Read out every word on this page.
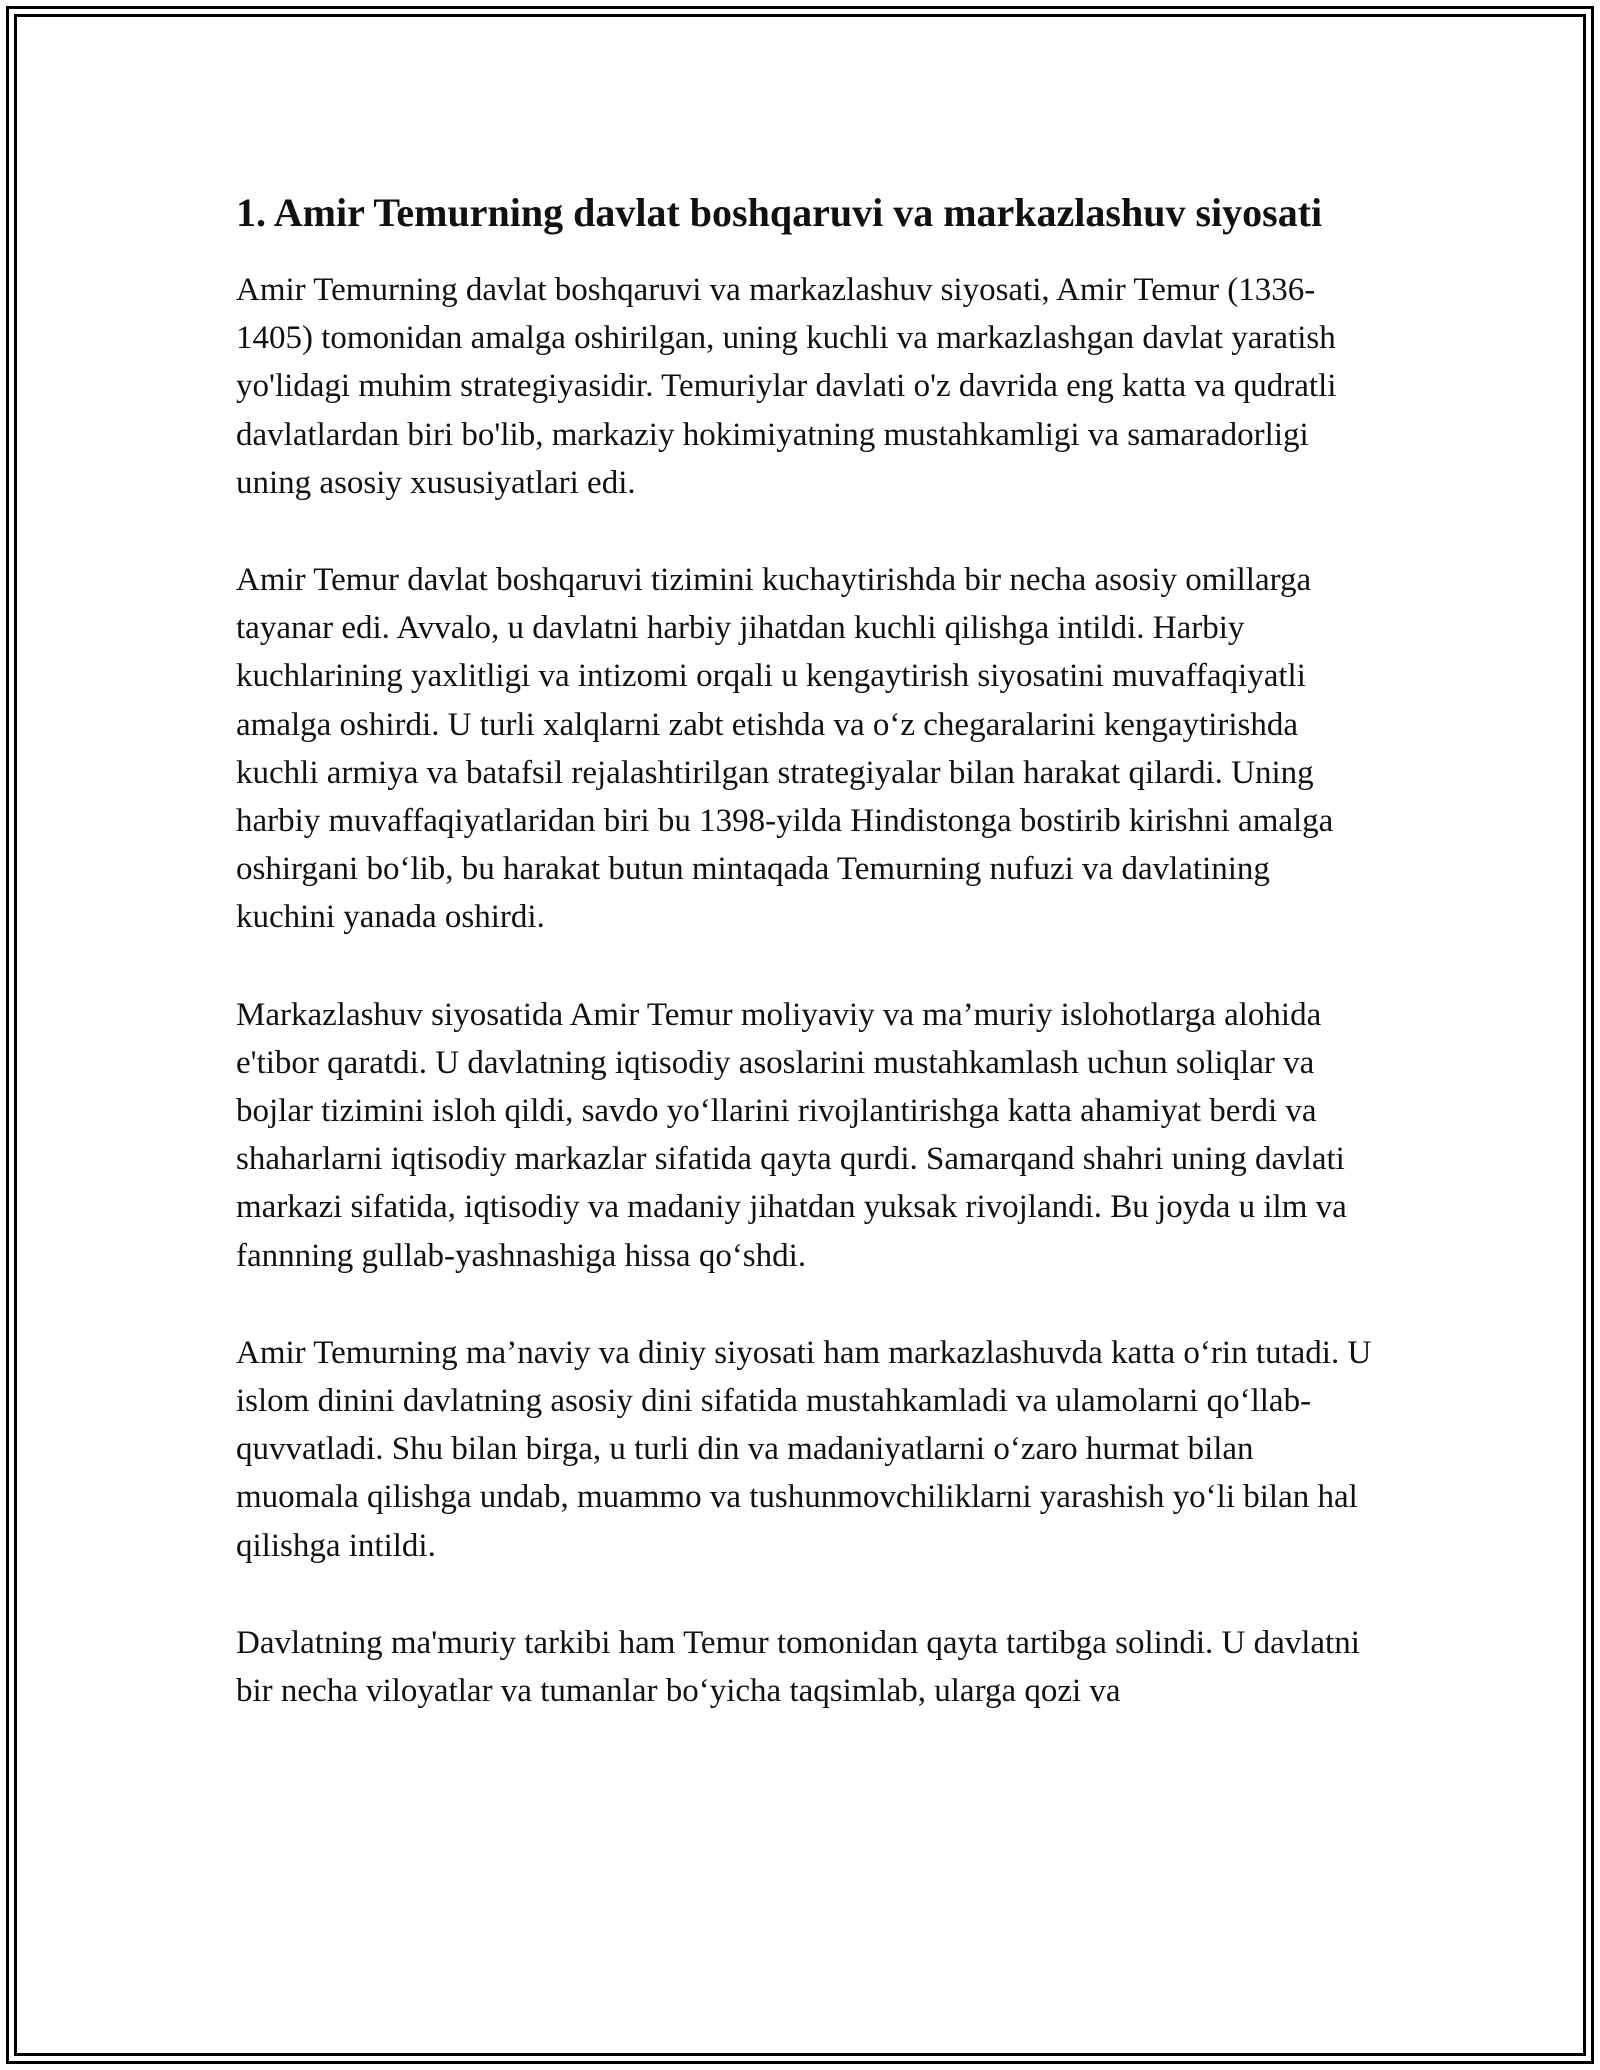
1. Amir Temurning davlat boshqaruvi va markazlashuv siyosati

Amir Temurning davlat boshqaruvi va markazlashuv siyosati, Amir Temur (1336-1405) tomonidan amalga oshirilgan, uning kuchli va markazlashgan davlat yaratish yo'lidagi muhim strategiyasidir. Temuriylar davlati o'z davrida eng katta va qudratli davlatlardan biri bo'lib, markaziy hokimiyatning mustahkamligi va samaradorligi uning asosiy xususiyatlari edi.

Amir Temur davlat boshqaruvi tizimini kuchaytirishda bir necha asosiy omillarga tayanar edi. Avvalo, u davlatni harbiy jihatdan kuchli qilishga intildi. Harbiy kuchlarining yaxlitligi va intizomi orqali u kengaytirish siyosatini muvaffaqiyatli amalga oshirdi. U turli xalqlarni zabt etishda va o‘z chegaralarini kengaytirishda kuchli armiya va batafsil rejalashtirilgan strategiyalar bilan harakat qilardi. Uning harbiy muvaffaqiyatlaridan biri bu 1398-yilda Hindistonga bostirib kirishni amalga oshirgani bo‘lib, bu harakat butun mintaqada Temurning nufuzi va davlatining kuchini yanada oshirdi.

Markazlashuv siyosatida Amir Temur moliyaviy va ma’muriy islohotlarga alohida e'tibor qaratdi. U davlatning iqtisodiy asoslarini mustahkamlash uchun soliqlar va bojlar tizimini isloh qildi, savdo yo‘llarini rivojlantirishga katta ahamiyat berdi va shaharlarni iqtisodiy markazlar sifatida qayta qurdi. Samarqand shahri uning davlati markazi sifatida, iqtisodiy va madaniy jihatdan yuksak rivojlandi. Bu joyda u ilm va fannning gullab-yashnashiga hissa qo‘shdi.

Amir Temurning ma’naviy va diniy siyosati ham markazlashuvda katta o‘rin tutadi. U islom dinini davlatning asosiy dini sifatida mustahkamladi va ulamolarni qo‘llab-quvvatladi. Shu bilan birga, u turli din va madaniyatlarni o‘zaro hurmat bilan muomala qilishga undab, muammo va tushunmovchiliklarni yarashish yo‘li bilan hal qilishga intildi.

Davlatning ma'muriy tarkibi ham Temur tomonidan qayta tartibga solindi. U davlatni bir necha viloyatlar va tumanlar bo‘yicha taqsimlab, ularga qozi va
